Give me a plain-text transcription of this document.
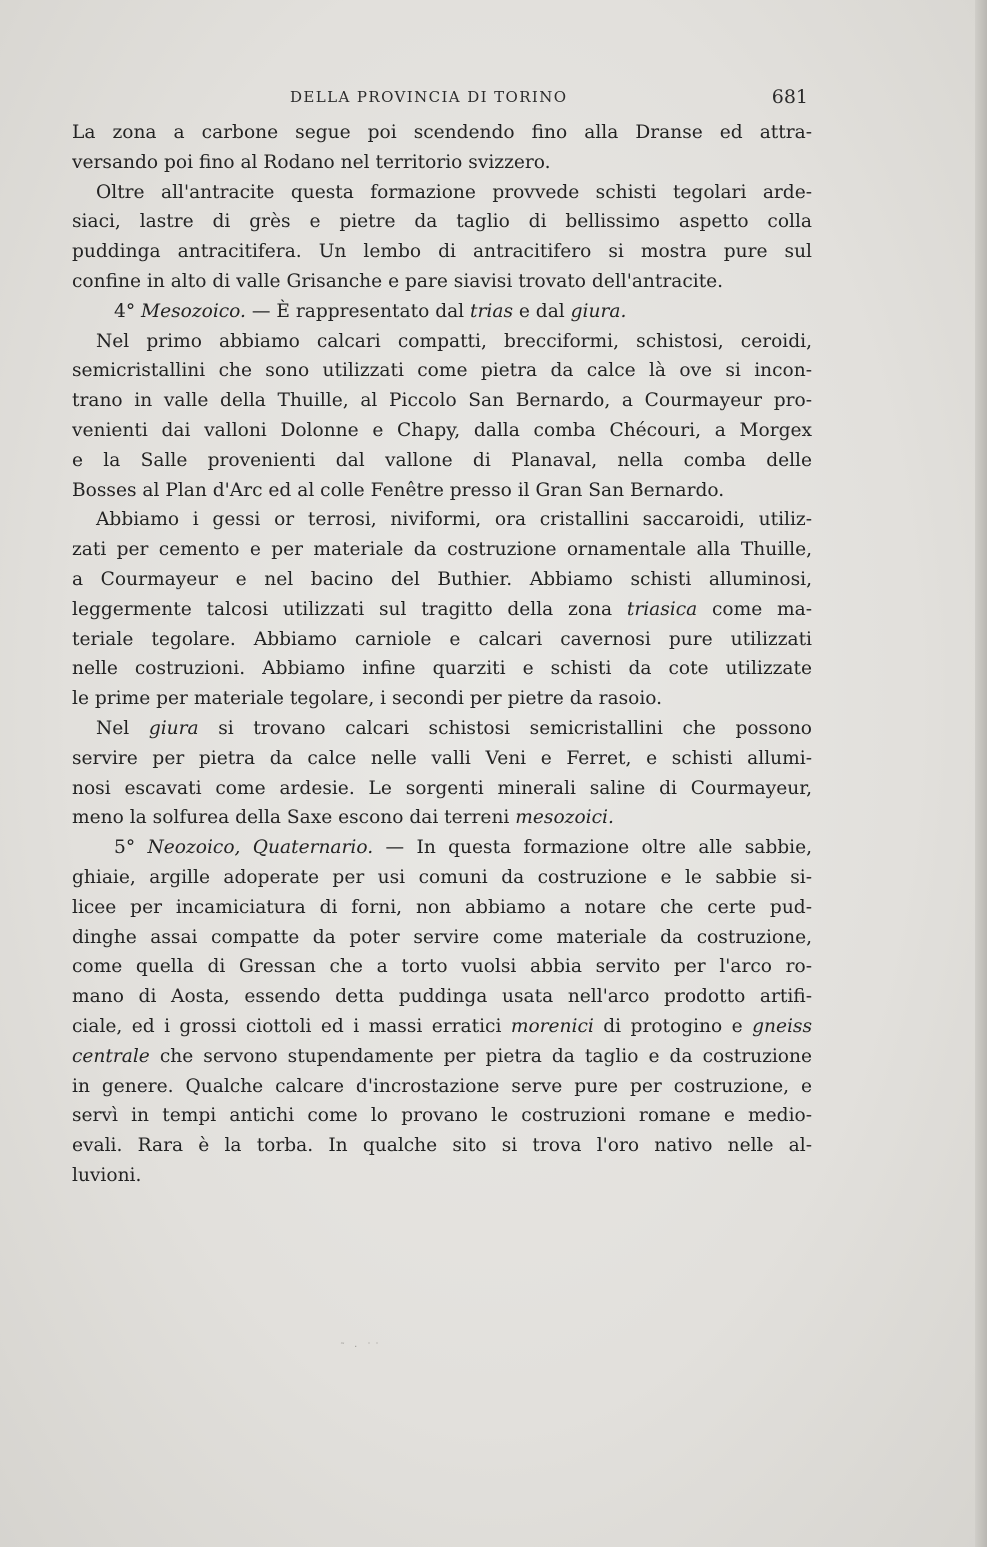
DELLA PROVINCIA DI TORINO	681
La zona a carbone segue poi scendendo fino alla Dranse ed attra-
versando poi fino al Rodano nel territorio svizzero.
Oltre all'antracite questa formazione provvede schisti tegolari arde-
siaci, lastre di grès e pietre da taglio di bellissimo aspetto colla
puddinga antracitifera. Un lembo di antracitifero si mostra pure sul
confine in alto di valle Grisanche e pare siavisi trovato dell'antracite.
4° Mesozoico. — È rappresentato dal trias e dal giura.
Nel primo abbiamo calcari compatti, brecciformi, schistosi, ceroidi,
semicristallini che sono utilizzati come pietra da calce là ove si incon-
trano in valle della Thuille, al Piccolo San Bernardo, a Courmayeur pro-
venienti dai valloni Dolonne e Chapy, dalla comba Chécouri, a Morgex
e la Salle provenienti dal vallone di Planaval, nella comba delle
Bosses al Plan d'Arc ed al colle Fenêtre presso il Gran San Bernardo.
Abbiamo i gessi or terrosi, niviformi, ora cristallini saccaroidi, utiliz-
zati per cemento e per materiale da costruzione ornamentale alla Thuille,
a Courmayeur e nel bacino del Buthier. Abbiamo schisti alluminosi,
leggermente talcosi utilizzati sul tragitto della zona triasica come ma-
teriale tegolare. Abbiamo carniole e calcari cavernosi pure utilizzati
nelle costruzioni. Abbiamo infine quarziti e schisti da cote utilizzate
le prime per materiale tegolare, i secondi per pietre da rasoio.
Nel giura si trovano calcari schistosi semicristallini che possono
servire per pietra da calce nelle valli Veni e Ferret, e schisti allumi-
nosi escavati come ardesie. Le sorgenti minerali saline di Courmayeur,
meno la solfurea della Saxe escono dai terreni mesozoici.
5° Neozoico, Quaternario. — In questa formazione oltre alle sabbie,
ghiaie, argille adoperate per usi comuni da costruzione e le sabbie si-
licee per incamiciatura di forni, non abbiamo a notare che certe pud-
dinghe assai compatte da poter servire come materiale da costruzione,
come quella di Gressan che a torto vuolsi abbia servito per l'arco ro-
mano di Aosta, essendo detta puddinga usata nell'arco prodotto artifi-
ciale, ed i grossi ciottoli ed i massi erratici morenici di protogino e gneiss
centrale che servono stupendamente per pietra da taglio e da costruzione
in genere. Qualche calcare d'incrostazione serve pure per costruzione, e
servì in tempi antichi come lo provano le costruzioni romane e medio-
evali. Rara è la torba. In qualche sito si trova l'oro nativo nelle al-
luvioni.
˜ · ˙˙
